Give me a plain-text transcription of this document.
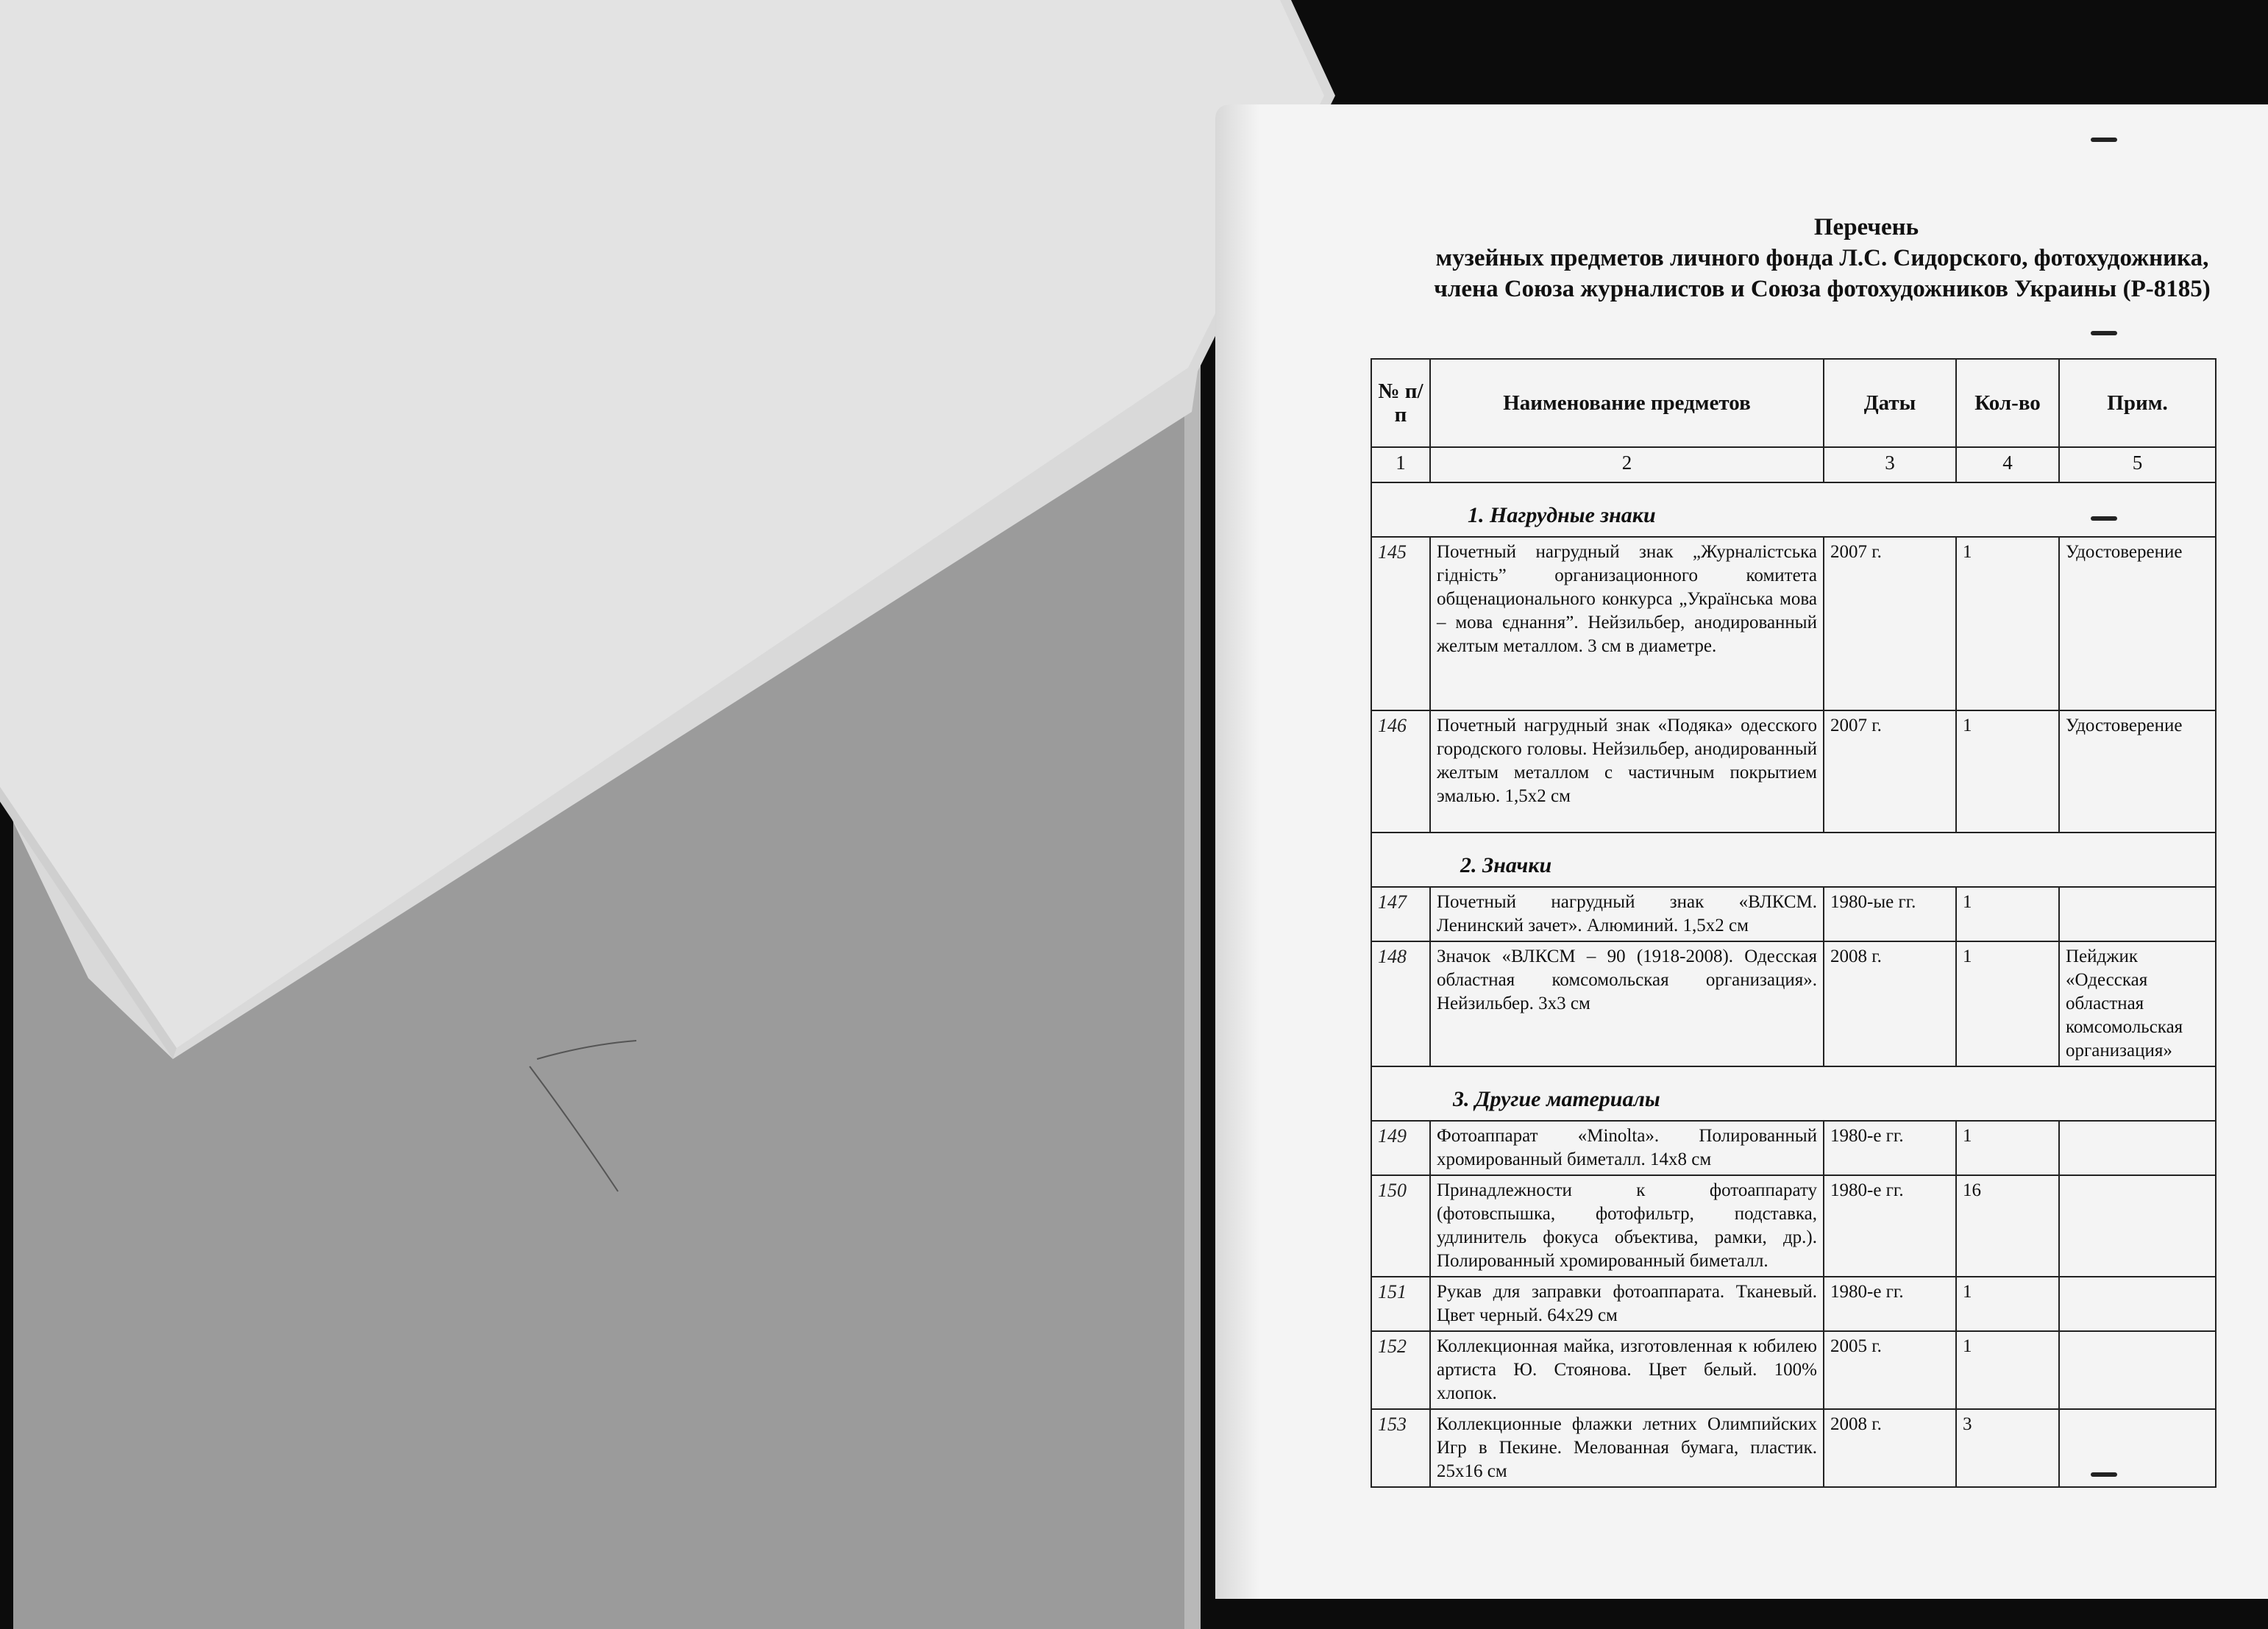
Перечень
музейных предметов личного фонда Л.С. Сидорского, фотохудожника,
члена Союза журналистов и Союза фотохудожников Украины (Р-8185)
№ п/п	Наименование предметов	Даты	Кол-во	Прим.
1	2	3	4	5
1. Нагрудные знаки				
145	Почетный нагрудный знак „Журналістська гідність” организационного комитета общенационального конкурса „Українська мова – мова єднання”. Нейзильбер, анодированный желтым металлом. 3 см в диаметре.	2007 г.	1	Удостоверение
146	Почетный нагрудный знак «Подяка» одесского городского головы. Нейзильбер, анодированный желтым металлом с частичным покрытием эмалью. 1,5х2 см	2007 г.	1	Удостоверение
2. Значки				
147	Почетный нагрудный знак «ВЛКСМ. Ленинский зачет». Алюминий. 1,5х2 см	1980-ые гг.	1	
148	Значок «ВЛКСМ – 90 (1918-2008). Одесская областная комсомольская организация». Нейзильбер. 3х3 см	2008 г.	1	Пейджик «Одесская областная комсомольская организация»
3. Другие материалы				
149	Фотоаппарат «Minolta». Полированный хромированный биметалл. 14х8 см	1980-е гг.	1	
150	Принадлежности к фотоаппарату (фотовспышка, фотофильтр, подставка, удлинитель фокуса объектива, рамки, др.). Полированный хромированный биметалл.	1980-е гг.	16	
151	Рукав для заправки фотоаппарата. Тканевый. Цвет черный. 64х29 см	1980-е гг.	1	
152	Коллекционная майка, изготовленная к юбилею артиста Ю. Стоянова. Цвет белый. 100% хлопок.	2005 г.	1	
153	Коллекционные флажки летних Олимпийских Игр в Пекине. Мелованная бумага, пластик. 25х16 см	2008 г.	3	
